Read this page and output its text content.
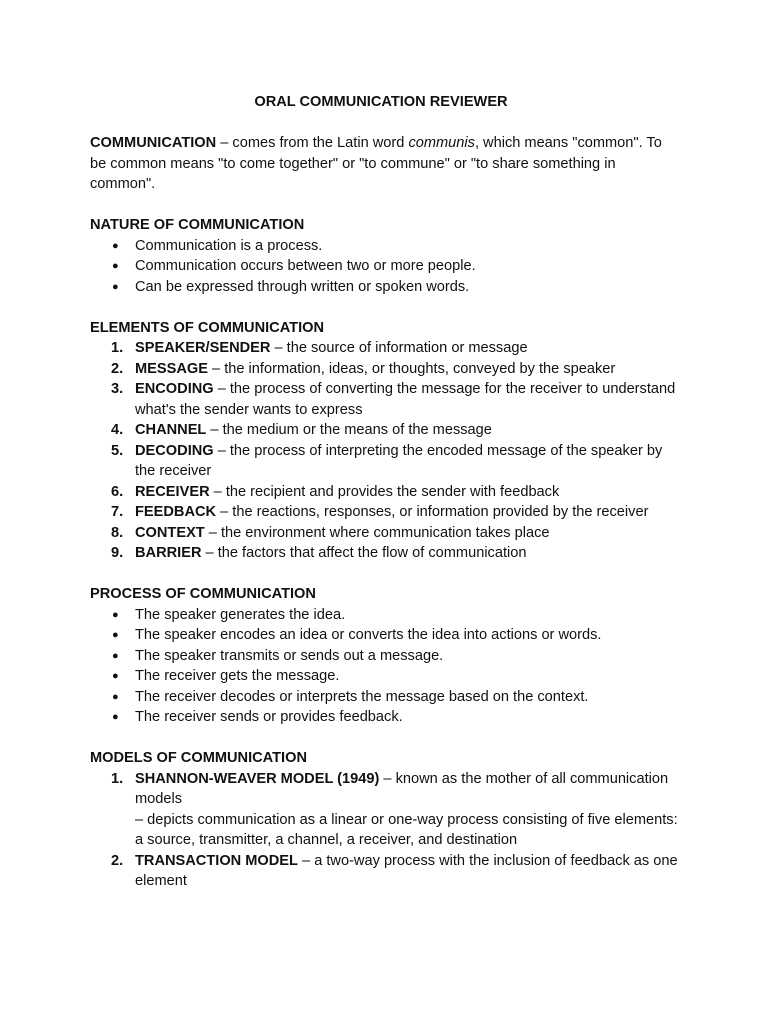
ORAL COMMUNICATION REVIEWER

COMMUNICATION – comes from the Latin word communis, which means "common". To be common means "to come together" or "to commune" or "to share something in common".

NATURE OF COMMUNICATION
● Communication is a process.
● Communication occurs between two or more people.
● Can be expressed through written or spoken words.
ELEMENTS OF COMMUNICATION
1. SPEAKER/SENDER – the source of information or message
2. MESSAGE – the information, ideas, or thoughts, conveyed by the speaker
3. ENCODING – the process of converting the message for the receiver to understand what's the sender wants to express
4. CHANNEL – the medium or the means of the message
5. DECODING – the process of interpreting the encoded message of the speaker by the receiver
6. RECEIVER – the recipient and provides the sender with feedback
7. FEEDBACK – the reactions, responses, or information provided by the receiver
8. CONTEXT – the environment where communication takes place
9. BARRIER – the factors that affect the flow of communication
PROCESS OF COMMUNICATION
● The speaker generates the idea.
● The speaker encodes an idea or converts the idea into actions or words.
● The speaker transmits or sends out a message.
● The receiver gets the message.
● The receiver decodes or interprets the message based on the context.
● The receiver sends or provides feedback.
MODELS OF COMMUNICATION
1. SHANNON-WEAVER MODEL (1949) – known as the mother of all communication models
– depicts communication as a linear or one-way process consisting of five elements: a source, transmitter, a channel, a receiver, and destination
2. TRANSACTION MODEL – a two-way process with the inclusion of feedback as one element
